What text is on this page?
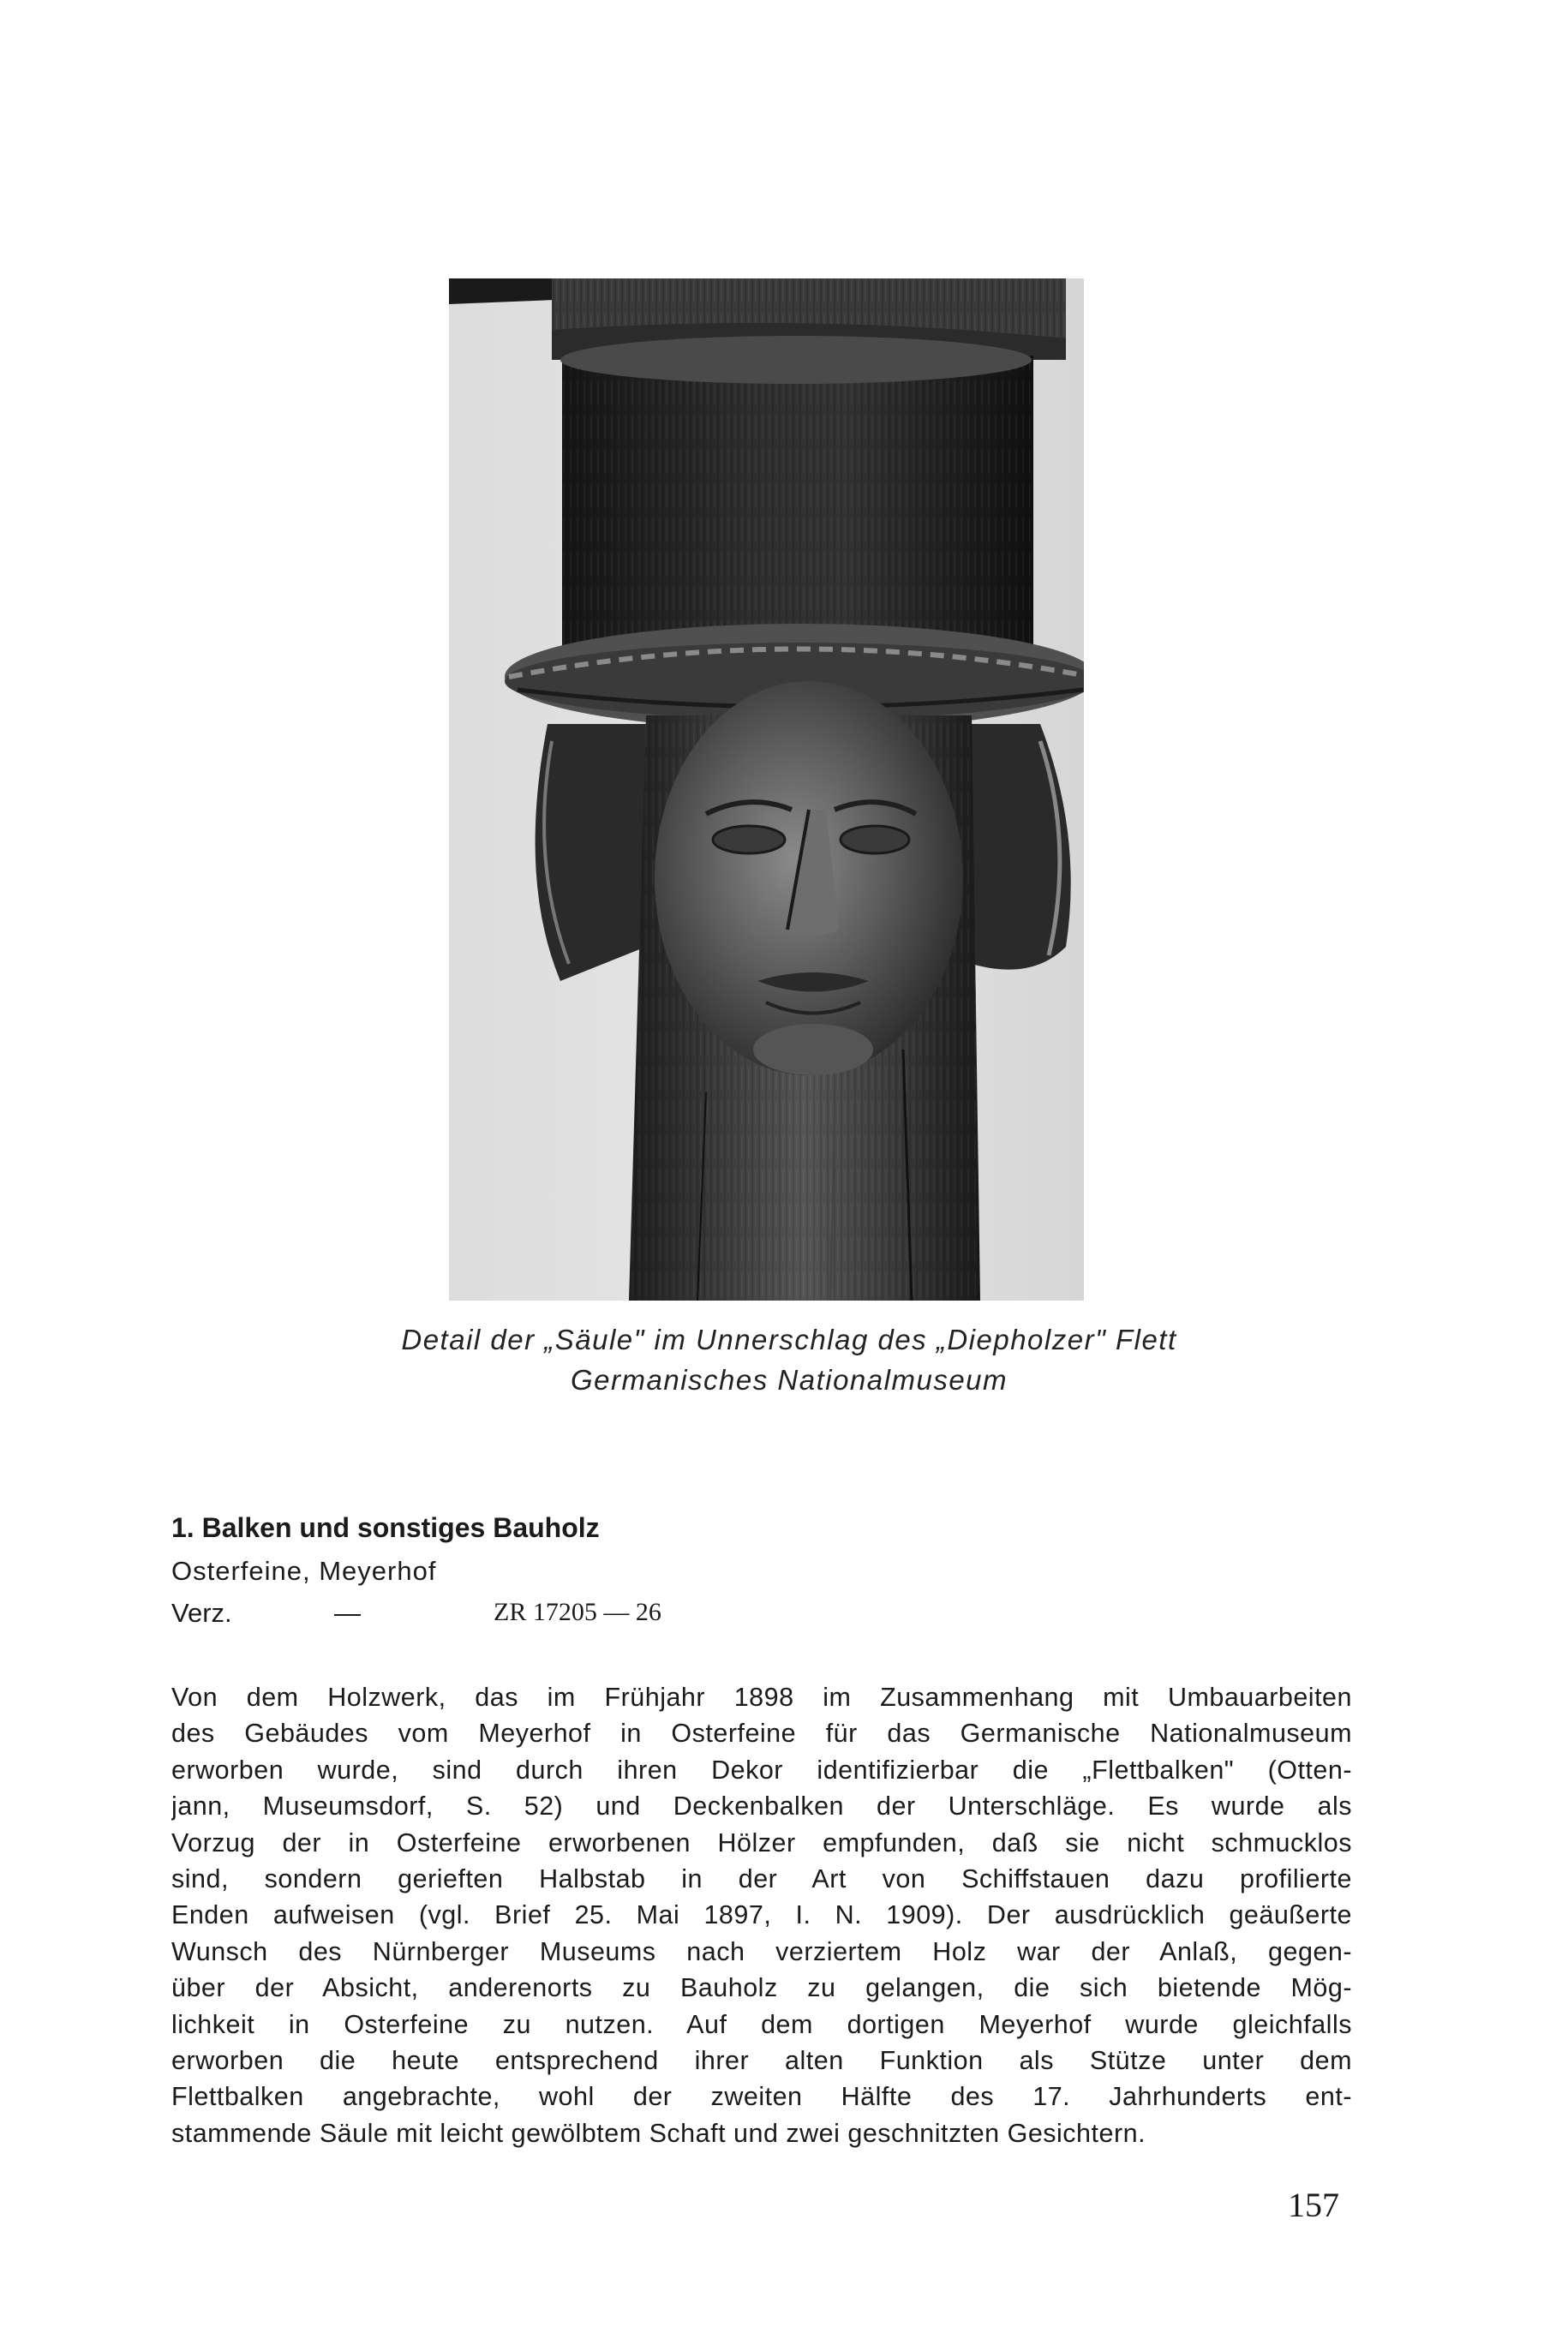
Detail der „Säule" im Unnerschlag des „Diepholzer" Flett
Germanisches Nationalmuseum
1. Balken und sonstiges Bauholz
Osterfeine, Meyerhof
Verz.	—	ZR 17205 — 26
Von dem Holzwerk, das im Frühjahr 1898 im Zusammenhang mit Umbauarbeiten
des Gebäudes vom Meyerhof in Osterfeine für das Germanische Nationalmuseum
erworben wurde, sind durch ihren Dekor identifizierbar die „Flettbalken" (Otten-
jann, Museumsdorf, S. 52) und Deckenbalken der Unterschläge. Es wurde als
Vorzug der in Osterfeine erworbenen Hölzer empfunden, daß sie nicht schmucklos
sind, sondern gerieften Halbstab in der Art von Schiffstauen dazu profilierte
Enden aufweisen (vgl. Brief 25. Mai 1897, I. N. 1909). Der ausdrücklich geäußerte
Wunsch des Nürnberger Museums nach verziertem Holz war der Anlaß, gegen-
über der Absicht, anderenorts zu Bauholz zu gelangen, die sich bietende Mög-
lichkeit in Osterfeine zu nutzen. Auf dem dortigen Meyerhof wurde gleichfalls
erworben die heute entsprechend ihrer alten Funktion als Stütze unter dem
Flettbalken angebrachte, wohl der zweiten Hälfte des 17. Jahrhunderts ent-
stammende Säule mit leicht gewölbtem Schaft und zwei geschnitzten Gesichtern.
157
